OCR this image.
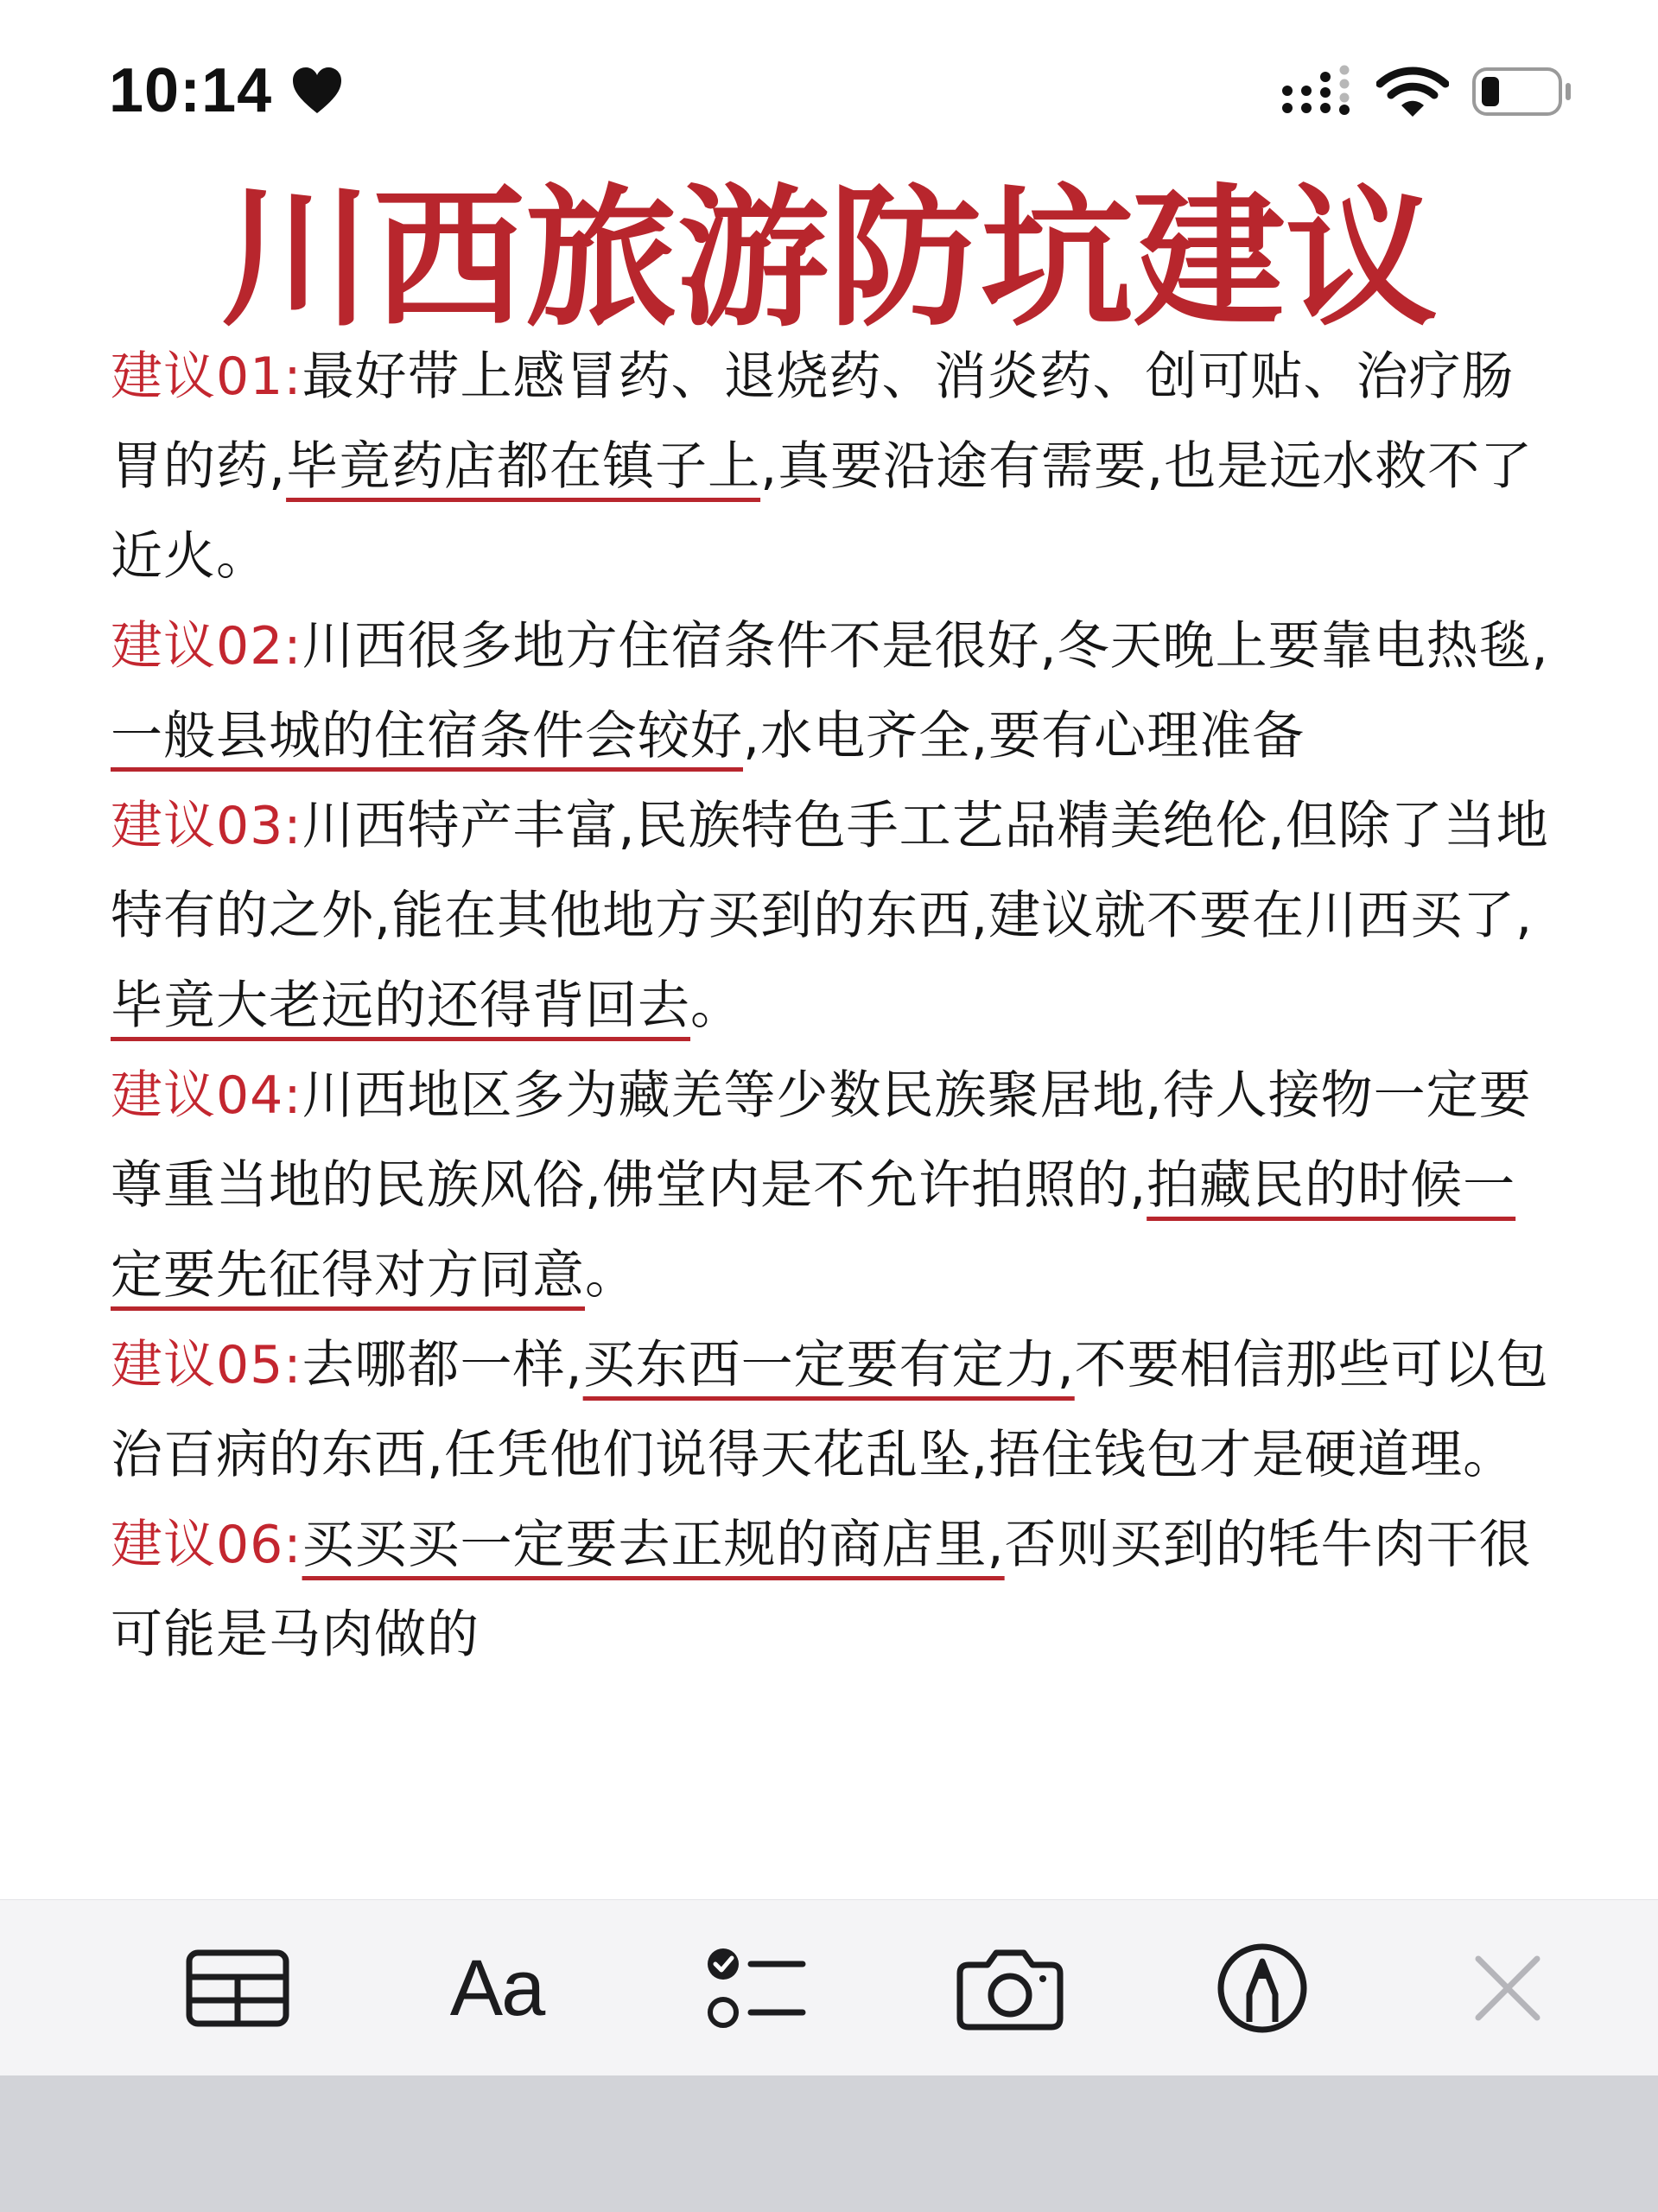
10:14
川西旅游防坑建议

建议01:最好带上感冒药、退烧药、消炎药、创可贴、治疗肠胃的药,毕竟药店都在镇子上,真要沿途有需要,也是远水救不了近火。

建议02:川西很多地方住宿条件不是很好,冬天晚上要靠电热毯,一般县城的住宿条件会较好,水电齐全,要有心理准备

建议03:川西特产丰富,民族特色手工艺品精美绝伦,但除了当地特有的之外,能在其他地方买到的东西,建议就不要在川西买了,毕竟大老远的还得背回去。

建议04:川西地区多为藏羌等少数民族聚居地,待人接物一定要尊重当地的民族风俗,佛堂内是不允许拍照的,拍藏民的时候一定要先征得对方同意。

建议05:去哪都一样,买东西一定要有定力,不要相信那些可以包治百病的东西,任凭他们说得天花乱坠,捂住钱包才是硬道理。

建议06:买买买一定要去正规的商店里,否则买到的牦牛肉干很可能是马肉做的

Aa
